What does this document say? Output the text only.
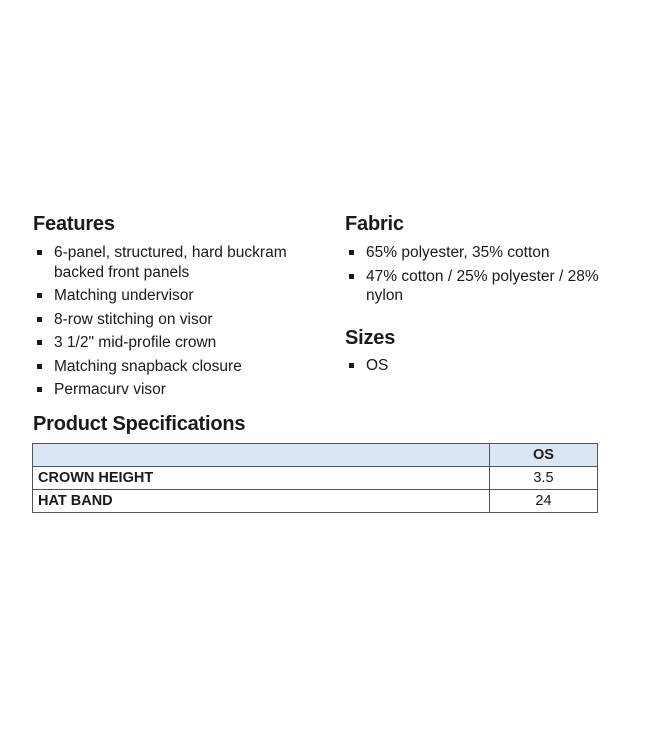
Features
6-panel, structured, hard buckram backed front panels
Matching undervisor
8-row stitching on visor
3 1/2" mid-profile crown
Matching snapback closure
Permacurv visor
Fabric
65% polyester, 35% cotton
47% cotton / 25% polyester / 28% nylon
Sizes
OS
Product Specifications
	OS
CROWN HEIGHT	3.5
HAT BAND	24
